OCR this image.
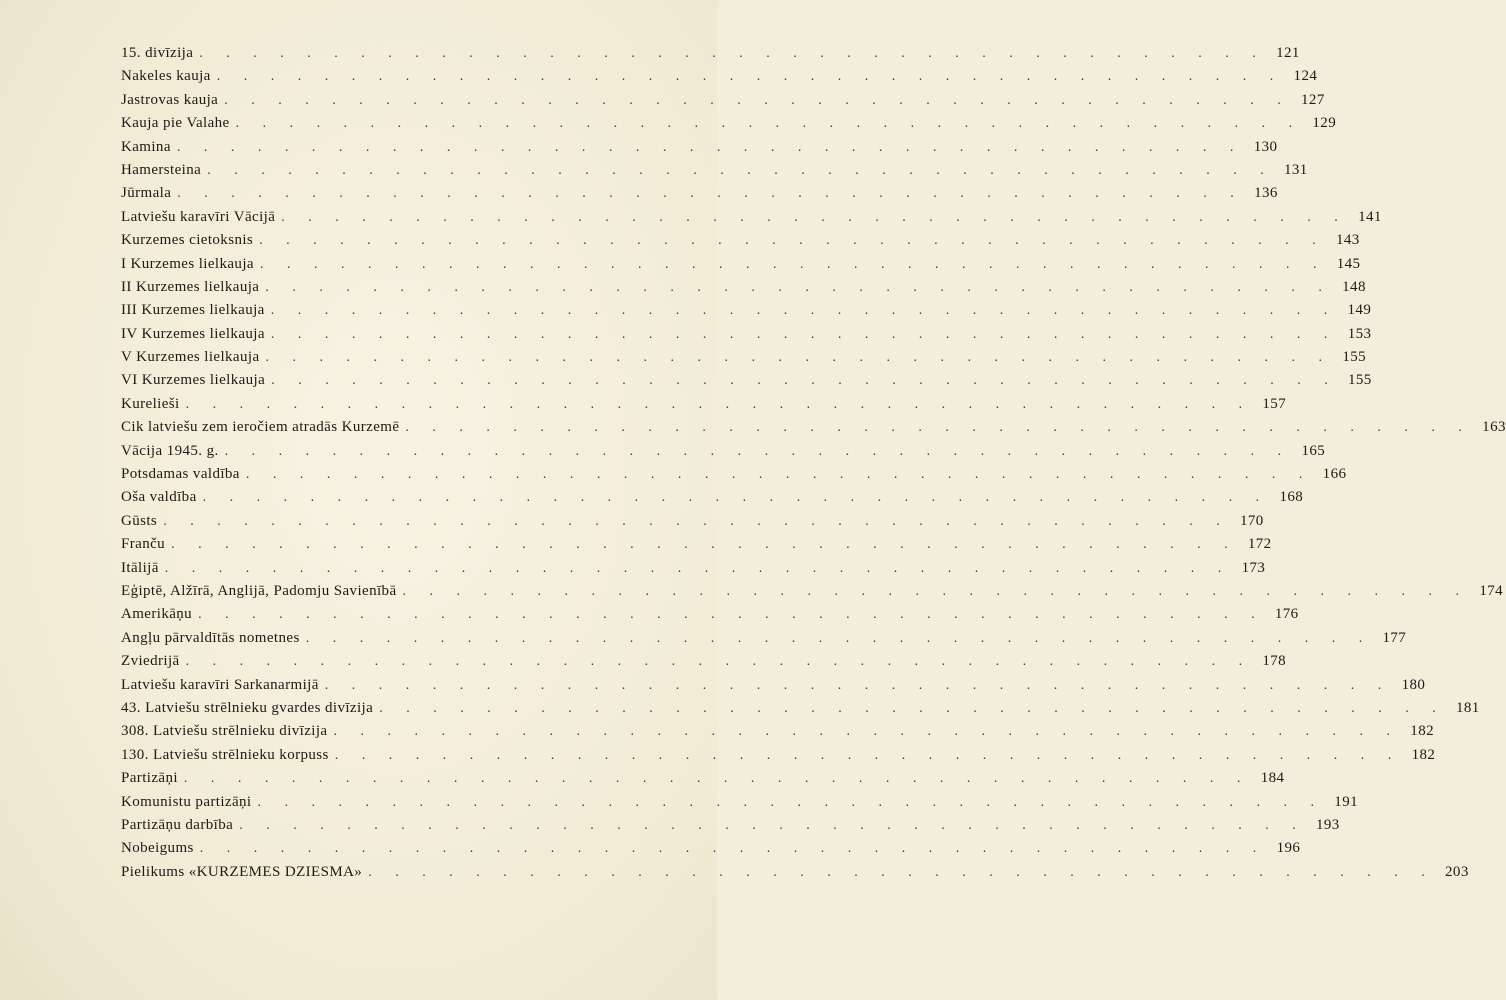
15. divīzija . . . . . . . . . . . . . . . . . . . . . . . . . . . . . . . . . . . . . . . . 121
Nakeles kauja . . . . . . . . . . . . . . . . . . . . . . . . . . . . . . . . . . . . . . . . 124
Jastrovas kauja . . . . . . . . . . . . . . . . . . . . . . . . . . . . . . . . . . . . . . . . 127
Kauja pie Valahe . . . . . . . . . . . . . . . . . . . . . . . . . . . . . . . . . . . . . . . . 129
Kamina . . . . . . . . . . . . . . . . . . . . . . . . . . . . . . . . . . . . . . . . 130
Hamersteina . . . . . . . . . . . . . . . . . . . . . . . . . . . . . . . . . . . . . . . . 131
Jūrmala . . . . . . . . . . . . . . . . . . . . . . . . . . . . . . . . . . . . . . . . 136
Latviešu karavīri Vācijā . . . . . . . . . . . . . . . . . . . . . . . . . . . . . . . . . . . . . . . . 141
Kurzemes cietoksnis . . . . . . . . . . . . . . . . . . . . . . . . . . . . . . . . . . . . . . . . 143
I Kurzemes lielkauja . . . . . . . . . . . . . . . . . . . . . . . . . . . . . . . . . . . . . . . . 145
II Kurzemes lielkauja . . . . . . . . . . . . . . . . . . . . . . . . . . . . . . . . . . . . . . . . 148
III Kurzemes lielkauja . . . . . . . . . . . . . . . . . . . . . . . . . . . . . . . . . . . . . . . . 149
IV Kurzemes lielkauja . . . . . . . . . . . . . . . . . . . . . . . . . . . . . . . . . . . . . . . . 153
V Kurzemes lielkauja . . . . . . . . . . . . . . . . . . . . . . . . . . . . . . . . . . . . . . . . 155
VI Kurzemes lielkauja . . . . . . . . . . . . . . . . . . . . . . . . . . . . . . . . . . . . . . . . 155
Kurelieši . . . . . . . . . . . . . . . . . . . . . . . . . . . . . . . . . . . . . . . . 157
Cik latviešu zem ieročiem atradās Kurzemē . . . . . . . . . . . . . . . . . . . . . . . . . . . . . . . . . . . . . . . . 163
Vācija 1945. g. . . . . . . . . . . . . . . . . . . . . . . . . . . . . . . . . . . . . . . . . 165
Potsdamas valdība . . . . . . . . . . . . . . . . . . . . . . . . . . . . . . . . . . . . . . . . 166
Oša valdība . . . . . . . . . . . . . . . . . . . . . . . . . . . . . . . . . . . . . . . . 168
Gūsts . . . . . . . . . . . . . . . . . . . . . . . . . . . . . . . . . . . . . . . . 170
Franču . . . . . . . . . . . . . . . . . . . . . . . . . . . . . . . . . . . . . . . . 172
Itālijā . . . . . . . . . . . . . . . . . . . . . . . . . . . . . . . . . . . . . . . . 173
Eģiptē, Alžīrā, Anglijā, Padomju Savienībā . . . . . . . . . . . . . . . . . . . . . . . . . . . . . . . . . . . . . . . . 174
Amerikāņu . . . . . . . . . . . . . . . . . . . . . . . . . . . . . . . . . . . . . . . . 176
Angļu pārvaldītās nometnes . . . . . . . . . . . . . . . . . . . . . . . . . . . . . . . . . . . . . . . . 177
Zviedrijā . . . . . . . . . . . . . . . . . . . . . . . . . . . . . . . . . . . . . . . . 178
Latviešu karavīri Sarkanarmijā . . . . . . . . . . . . . . . . . . . . . . . . . . . . . . . . . . . . . . . . 180
43. Latviešu strēlnieku gvardes divīzija . . . . . . . . . . . . . . . . . . . . . . . . . . . . . . . . . . . . . . . . 181
308. Latviešu strēlnieku divīzija . . . . . . . . . . . . . . . . . . . . . . . . . . . . . . . . . . . . . . . . 182
130. Latviešu strēlnieku korpuss . . . . . . . . . . . . . . . . . . . . . . . . . . . . . . . . . . . . . . . . 182
Partizāņi . . . . . . . . . . . . . . . . . . . . . . . . . . . . . . . . . . . . . . . . 184
Komunistu partizāņi . . . . . . . . . . . . . . . . . . . . . . . . . . . . . . . . . . . . . . . . 191
Partizāņu darbība . . . . . . . . . . . . . . . . . . . . . . . . . . . . . . . . . . . . . . . . 193
Nobeigums . . . . . . . . . . . . . . . . . . . . . . . . . . . . . . . . . . . . . . . . 196
Pielikums «KURZEMES DZIESMA» . . . . . . . . . . . . . . . . . . . . . . . . . . . . . . . . . . . . . . . . 203
